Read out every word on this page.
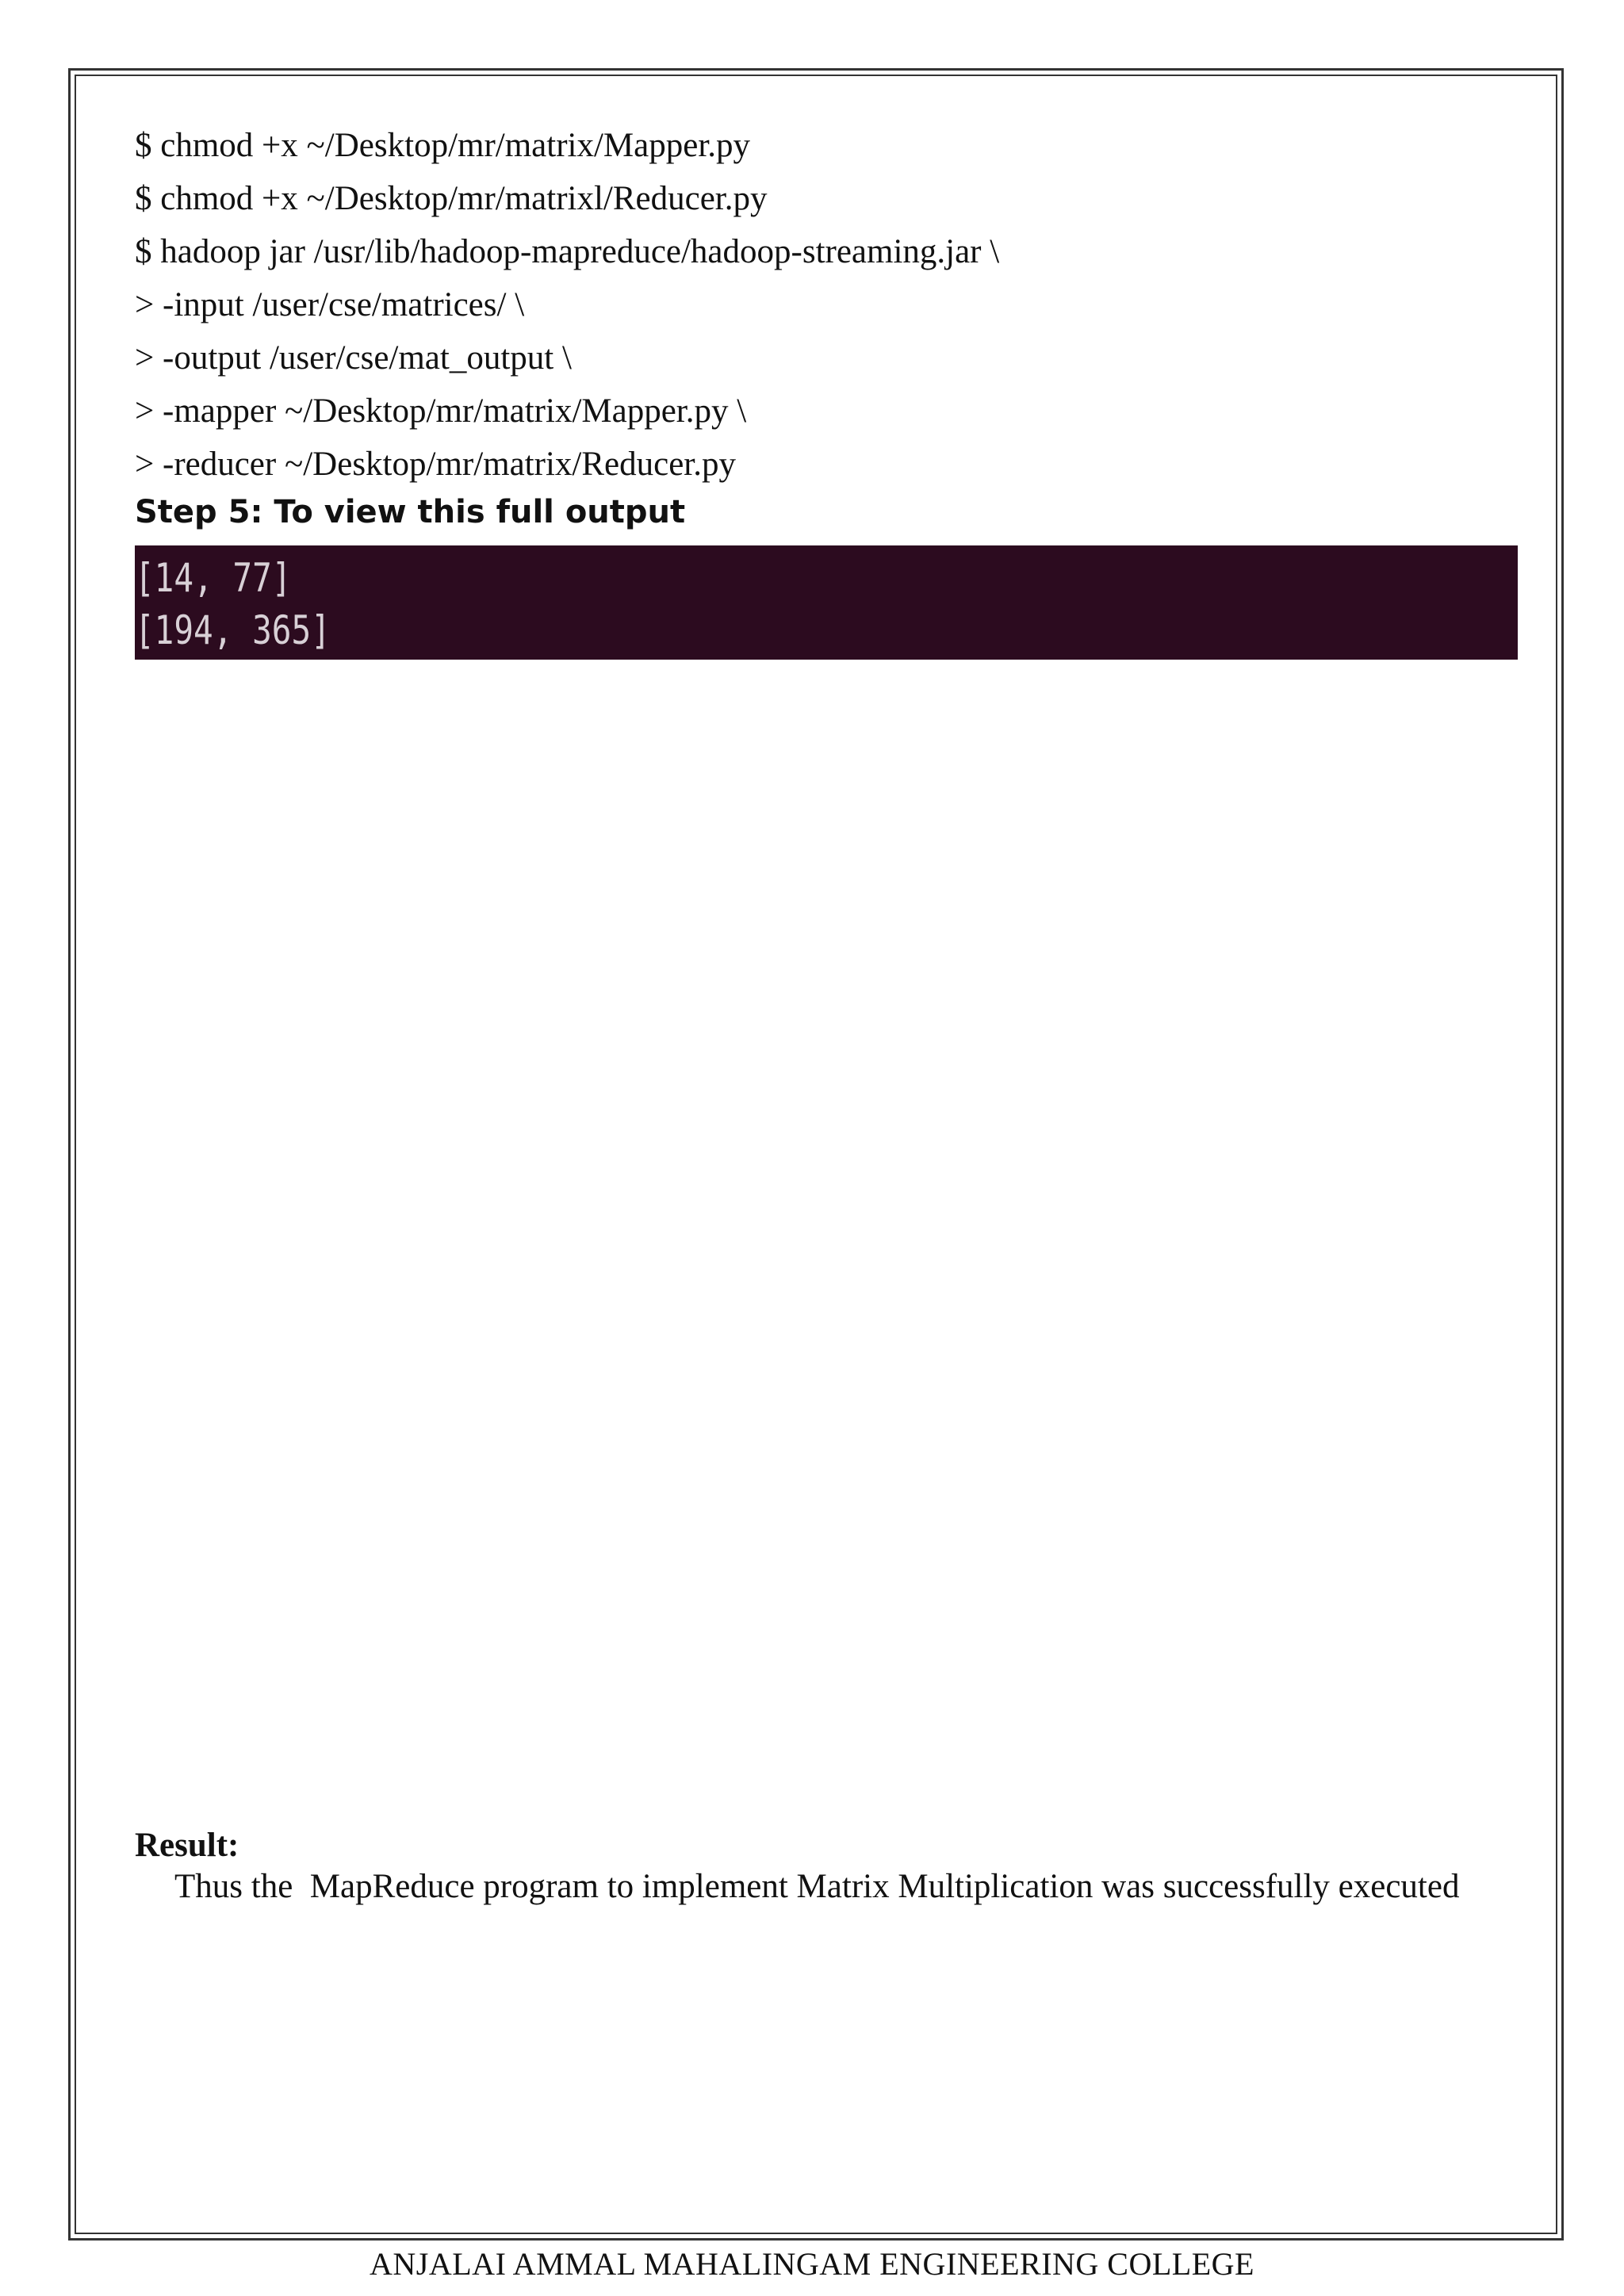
$ chmod +x ~/Desktop/mr/matrix/Mapper.py
$ chmod +x ~/Desktop/mr/matrixl/Reducer.py
$ hadoop jar /usr/lib/hadoop-mapreduce/hadoop-streaming.jar \
> -input /user/cse/matrices/ \
> -output /user/cse/mat_output \
> -mapper ~/Desktop/mr/matrix/Mapper.py \
> -reducer ~/Desktop/mr/matrix/Reducer.py
Step 5: To view this full output
[14, 77]
[194, 365]
Result:
Thus the  MapReduce program to implement Matrix Multiplication was successfully executed
ANJALAI AMMAL MAHALINGAM ENGINEERING COLLEGE
